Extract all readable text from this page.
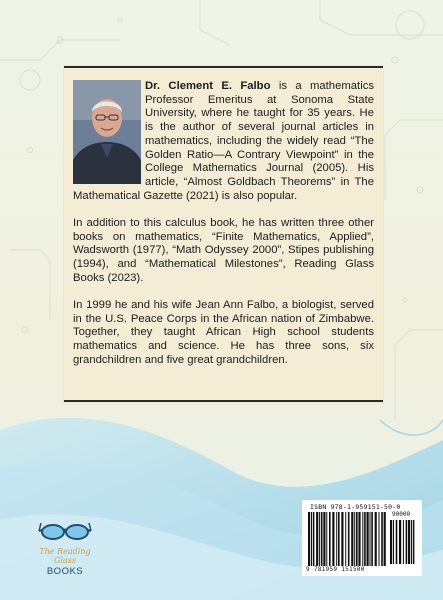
Dr. Clement E. Falbo is a mathematics Professor Emeritus at Sonoma State University, where he taught for 35 years. He is the author of several journal articles in mathematics, including the widely read “The Golden Ratio—A Contrary Viewpoint” in the College Mathematics Journal (2005). His article, “Almost Goldbach Theorems” in The Mathematical Gazette (2021) is also popular.

In addition to this calculus book, he has written three other books on mathematics, “Finite Mathematics, Applied”, Wadsworth (1977), “Math Odyssey 2000”, Stipes publishing (1994), and “Mathematical Milestones”, Reading Glass Books (2023).

In 1999 he and his wife Jean Ann Falbo, a biologist, served in the U.S. Peace Corps in the African nation of Zimbabwe. Together, they taught African High school students mathematics and science. He has three sons, six grandchildren and five great grandchildren.

The Reading Glass
BOOKS
ISBN 978-1-959151-50-0
90000
9 781959 151500
